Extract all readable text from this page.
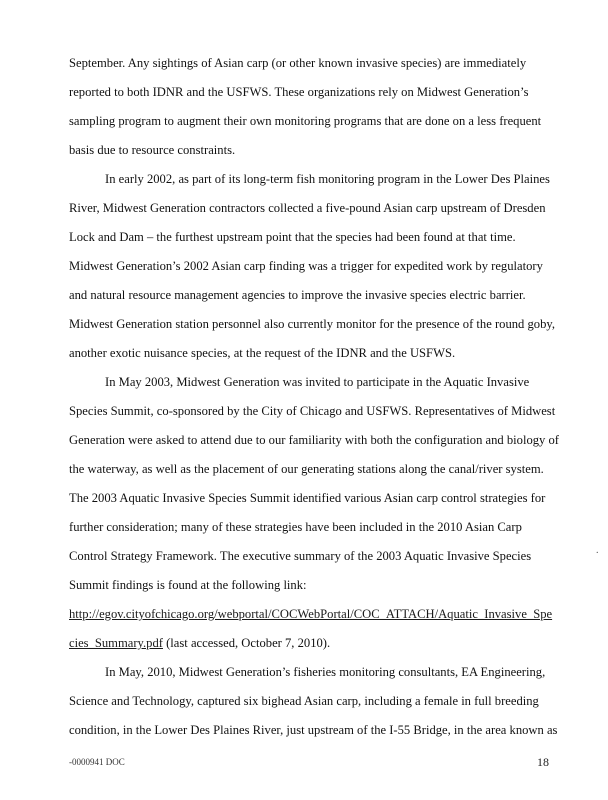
September. Any sightings of Asian carp (or other known invasive species) are immediately
reported to both IDNR and the USFWS. These organizations rely on Midwest Generation’s
sampling program to augment their own monitoring programs that are done on a less frequent
basis due to resource constraints.
In early 2002, as part of its long-term fish monitoring program in the Lower Des Plaines
River, Midwest Generation contractors collected a five-pound Asian carp upstream of Dresden
Lock and Dam – the furthest upstream point that the species had been found at that time.
Midwest Generation’s 2002 Asian carp finding was a trigger for expedited work by regulatory
and natural resource management agencies to improve the invasive species electric barrier.
Midwest Generation station personnel also currently monitor for the presence of the round goby,
another exotic nuisance species, at the request of the IDNR and the USFWS.
In May 2003, Midwest Generation was invited to participate in the Aquatic Invasive
Species Summit, co-sponsored by the City of Chicago and USFWS. Representatives of Midwest
Generation were asked to attend due to our familiarity with both the configuration and biology of
the waterway, as well as the placement of our generating stations along the canal/river system.
The 2003 Aquatic Invasive Species Summit identified various Asian carp control strategies for
further consideration; many of these strategies have been included in the 2010 Asian Carp
Control Strategy Framework. The executive summary of the 2003 Aquatic Invasive Species
Summit findings is found at the following link:
http://egov.cityofchicago.org/webportal/COCWebPortal/COC_ATTACH/Aquatic_Invasive_Spe
cies_Summary.pdf (last accessed, October 7, 2010).
In May, 2010, Midwest Generation’s fisheries monitoring consultants, EA Engineering,
Science and Technology, captured six bighead Asian carp, including a female in full breeding
condition, in the Lower Des Plaines River, just upstream of the I-55 Bridge, in the area known as
.
-0000941 DOC	18
